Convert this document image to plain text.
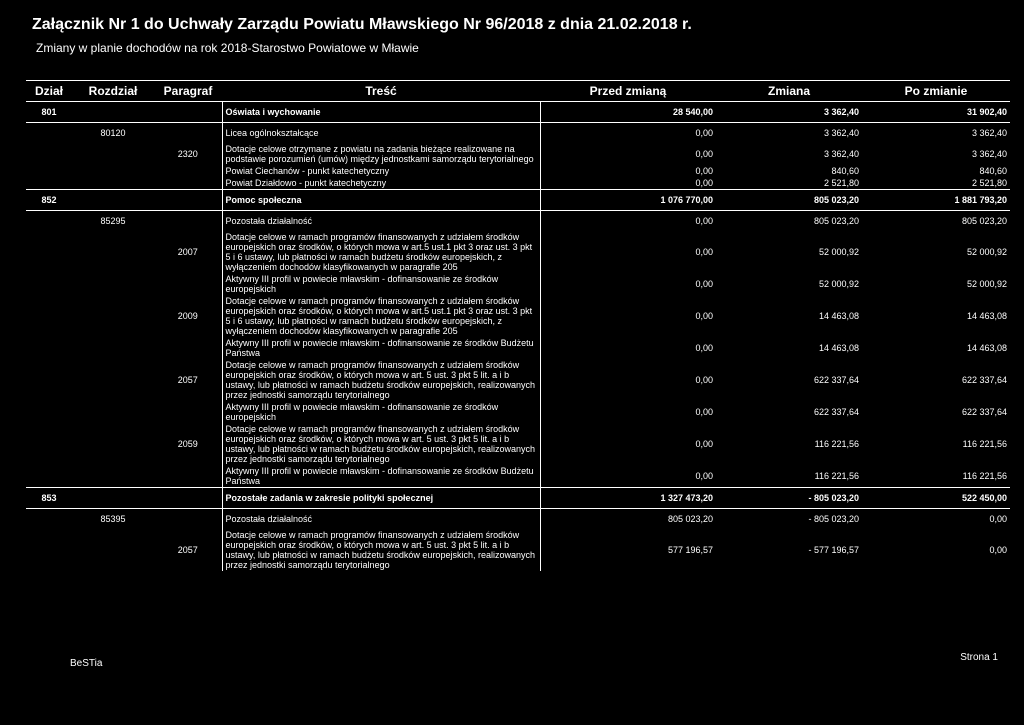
Załącznik Nr 1 do Uchwały Zarządu Powiatu Mławskiego Nr 96/2018 z dnia 21.02.2018 r.
Zmiany w planie dochodów na rok 2018-Starostwo Powiatowe w Mławie
Dział	Rozdział	Paragraf	Treść	Przed zmianą	Zmiana	Po zmianie
801			Oświata i wychowanie	28 540,00	3 362,40	31 902,40
	80120		Licea ogólnokształcące	0,00	3 362,40	3 362,40
		2320	Dotacje celowe otrzymane z powiatu na zadania bieżące realizowane na podstawie porozumień (umów) między jednostkami samorządu terytorialnego	0,00	3 362,40	3 362,40
			Powiat Ciechanów - punkt katechetyczny	0,00	840,60	840,60
			Powiat Działdowo - punkt katechetyczny	0,00	2 521,80	2 521,80
852			Pomoc społeczna	1 076 770,00	805 023,20	1 881 793,20
	85295		Pozostała działalność	0,00	805 023,20	805 023,20
		2007	Dotacje celowe w ramach programów finansowanych z udziałem środków europejskich oraz środków, o których mowa w art.5 ust.1 pkt 3 oraz ust. 3 pkt 5 i 6 ustawy, lub płatności w ramach budżetu środków europejskich, z wyłączeniem dochodów klasyfikowanych w paragrafie 205	0,00	52 000,92	52 000,92
			Aktywny III profil w powiecie mławskim - dofinansowanie ze środków europejskich	0,00	52 000,92	52 000,92
		2009	Dotacje celowe w ramach programów finansowanych z udziałem środków europejskich oraz środków, o których mowa w art.5 ust.1 pkt 3 oraz ust. 3 pkt 5 i 6 ustawy, lub płatności w ramach budżetu środków europejskich, z wyłączeniem dochodów klasyfikowanych w paragrafie 205	0,00	14 463,08	14 463,08
			Aktywny III profil w powiecie mławskim - dofinansowanie ze środków Budżetu Państwa	0,00	14 463,08	14 463,08
		2057	Dotacje celowe w ramach programów finansowanych z udziałem środków europejskich oraz środków, o których mowa w art. 5 ust. 3 pkt 5 lit. a i b ustawy, lub płatności w ramach budżetu środków europejskich, realizowanych przez jednostki samorządu terytorialnego	0,00	622 337,64	622 337,64
			Aktywny III profil w powiecie mławskim - dofinansowanie ze środków europejskich	0,00	622 337,64	622 337,64
		2059	Dotacje celowe w ramach programów finansowanych z udziałem środków europejskich oraz środków, o których mowa w art. 5 ust. 3 pkt 5 lit. a i b ustawy, lub płatności w ramach budżetu środków europejskich, realizowanych przez jednostki samorządu terytorialnego	0,00	116 221,56	116 221,56
			Aktywny III profil w powiecie mławskim - dofinansowanie ze środków Budżetu Państwa	0,00	116 221,56	116 221,56
853			Pozostałe zadania w zakresie polityki społecznej	1 327 473,20	- 805 023,20	522 450,00
	85395		Pozostała działalność	805 023,20	- 805 023,20	0,00
		2057	Dotacje celowe w ramach programów finansowanych z udziałem środków europejskich oraz środków, o których mowa w art. 5 ust. 3 pkt 5 lit. a i b ustawy, lub płatności w ramach budżetu środków europejskich, realizowanych przez jednostki samorządu terytorialnego	577 196,57	- 577 196,57	0,00
BeSTia
Strona 1
